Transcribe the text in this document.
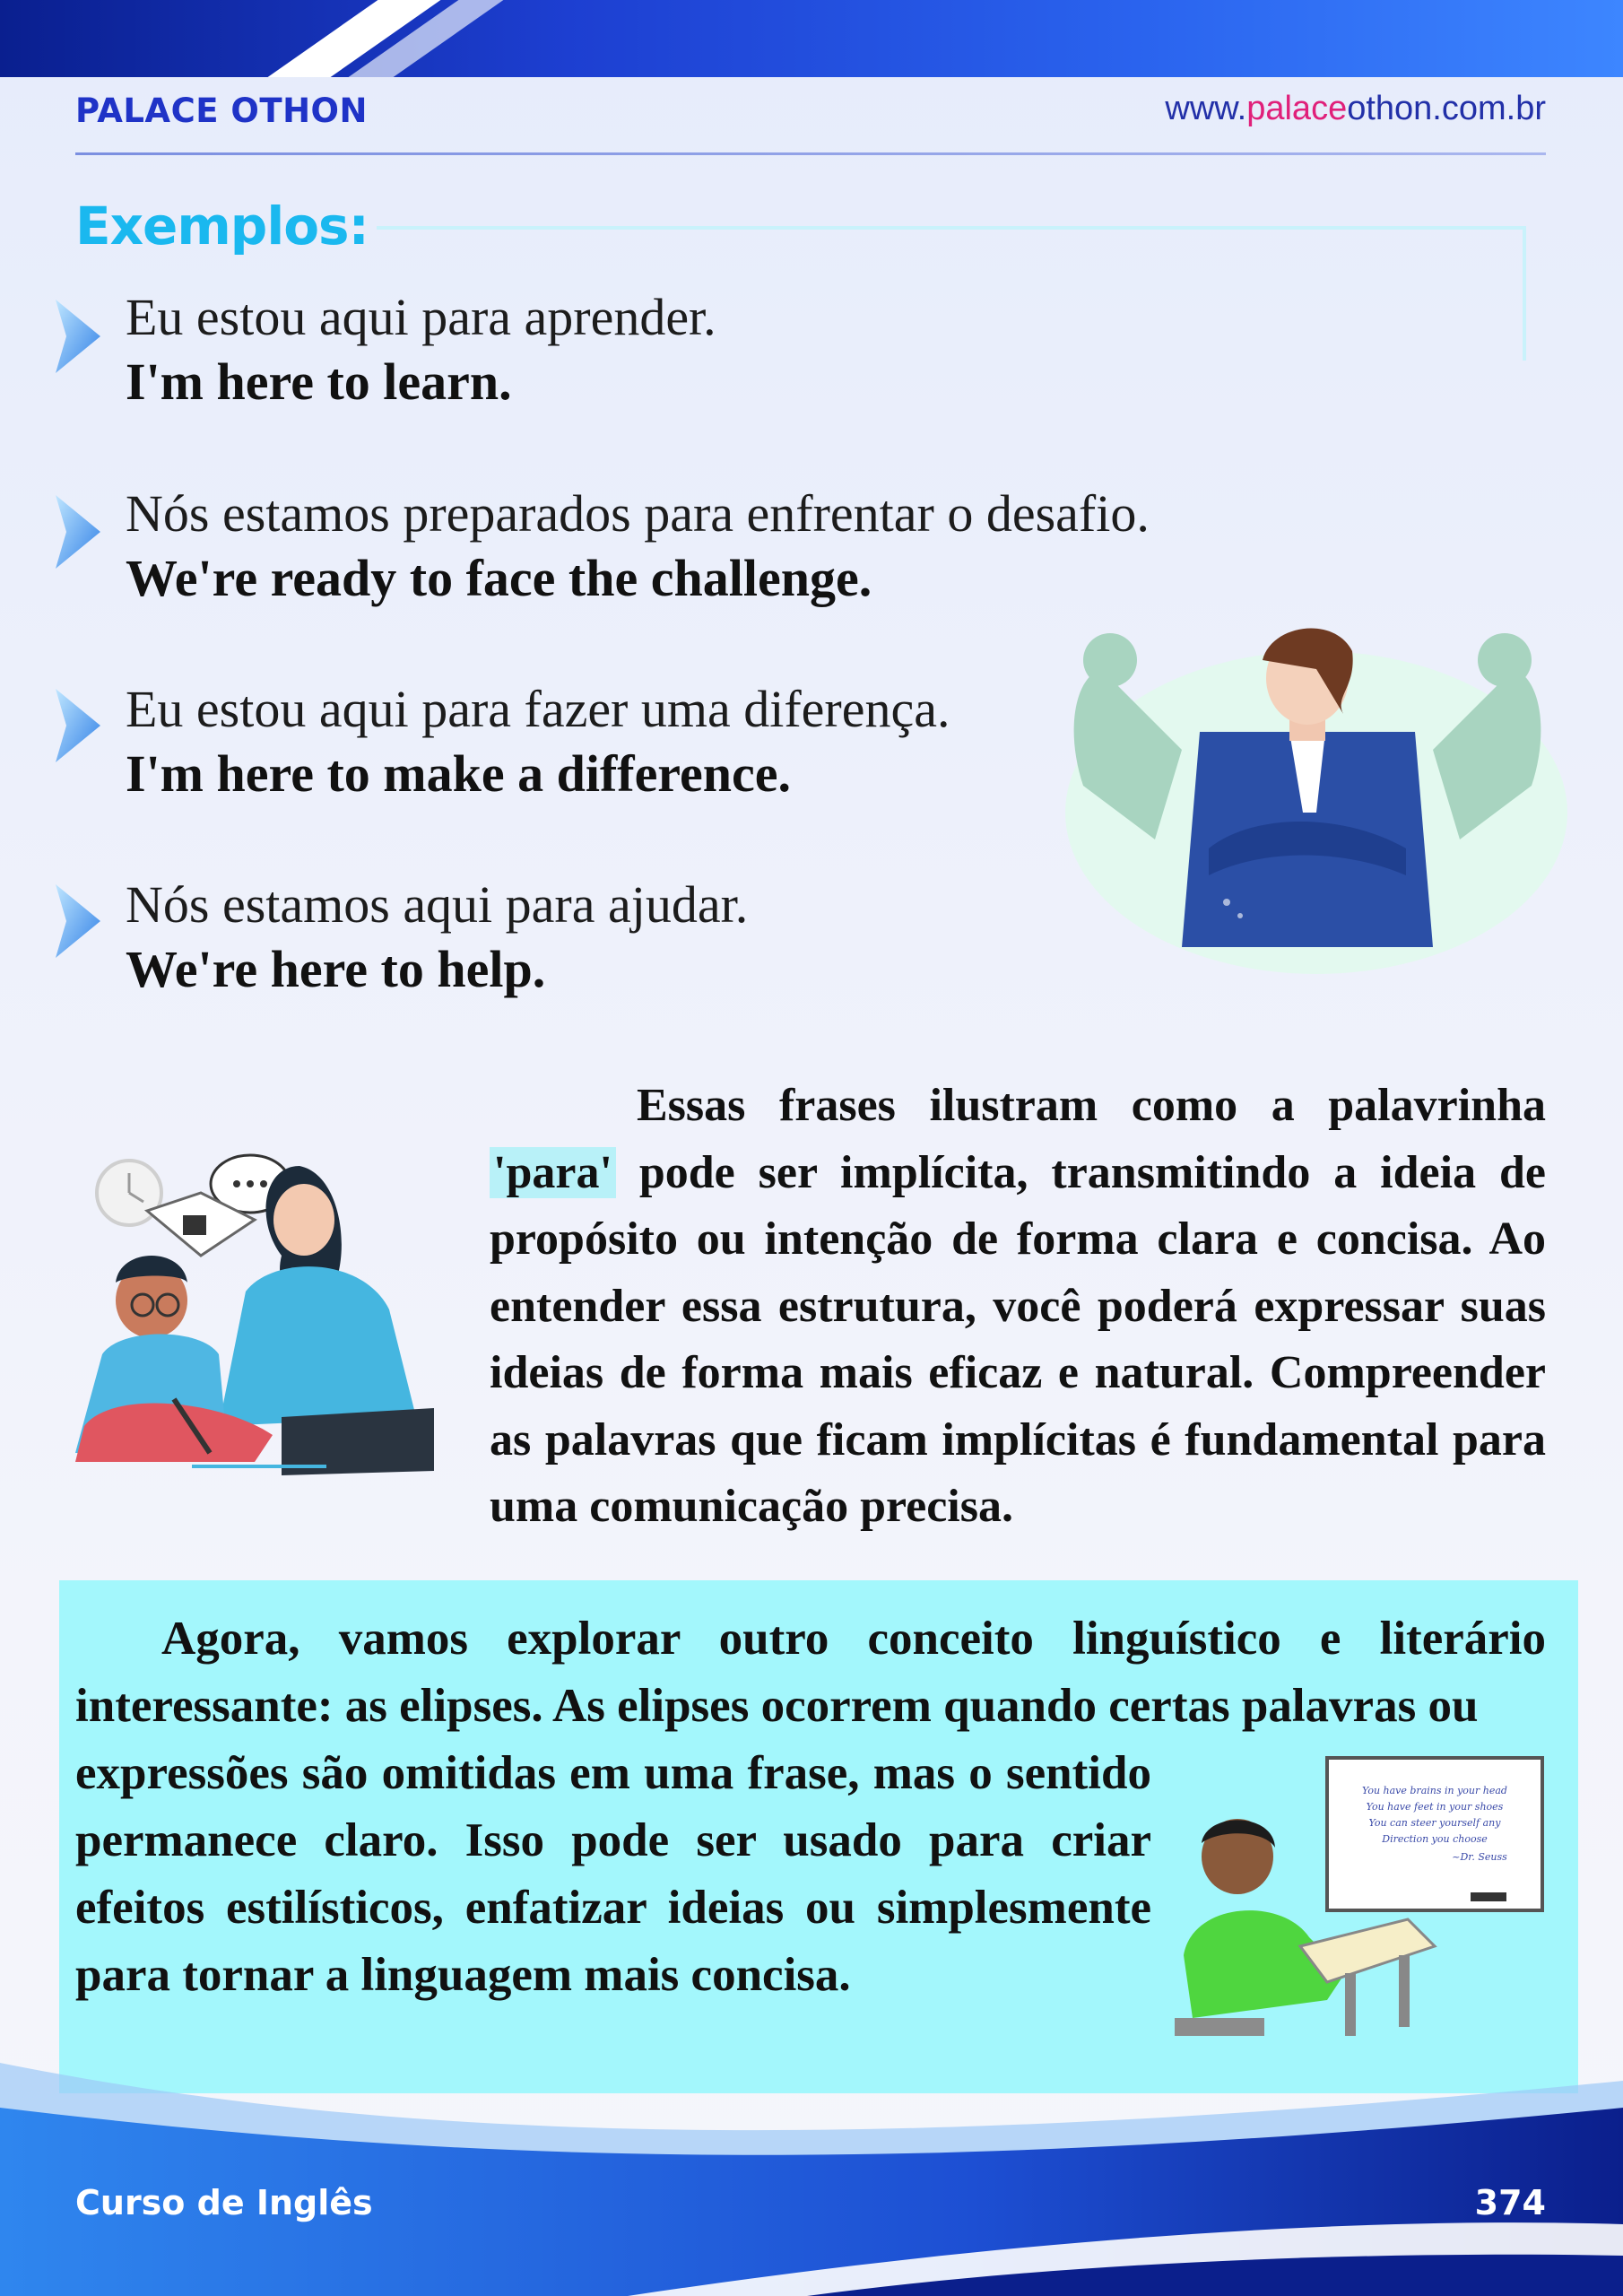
PALACE OTHON	www.palaceothon.com.br
Exemplos:
Eu estou aqui para aprender.
I'm here to learn.
Nós estamos preparados para enfrentar o desafio.
We're ready to face the challenge.
Eu estou aqui para fazer uma diferença.
I'm here to make a difference.
Nós estamos aqui para ajudar.
We're here to help.
Essas frases ilustram como a palavrinha 'para' pode ser implícita, transmitindo a ideia de propósito ou intenção de forma clara e concisa. Ao entender essa estrutura, você poderá expressar suas ideias de forma mais eficaz e natural. Compreender as palavras que ficam implícitas é fundamental para uma comunicação precisa.
Agora, vamos explorar outro conceito linguístico e literário interessante: as elipses. As elipses ocorrem quando certas palavras ou
expressões são omitidas em uma frase, mas o sentido permanece claro. Isso pode ser usado para criar efeitos estilísticos, enfatizar ideias ou simplesmente para tornar a linguagem mais concisa.
You have brains in your head
You have feet in your shoes
You can steer yourself any
Direction you choose
~Dr. Seuss
Curso de Inglês	374
